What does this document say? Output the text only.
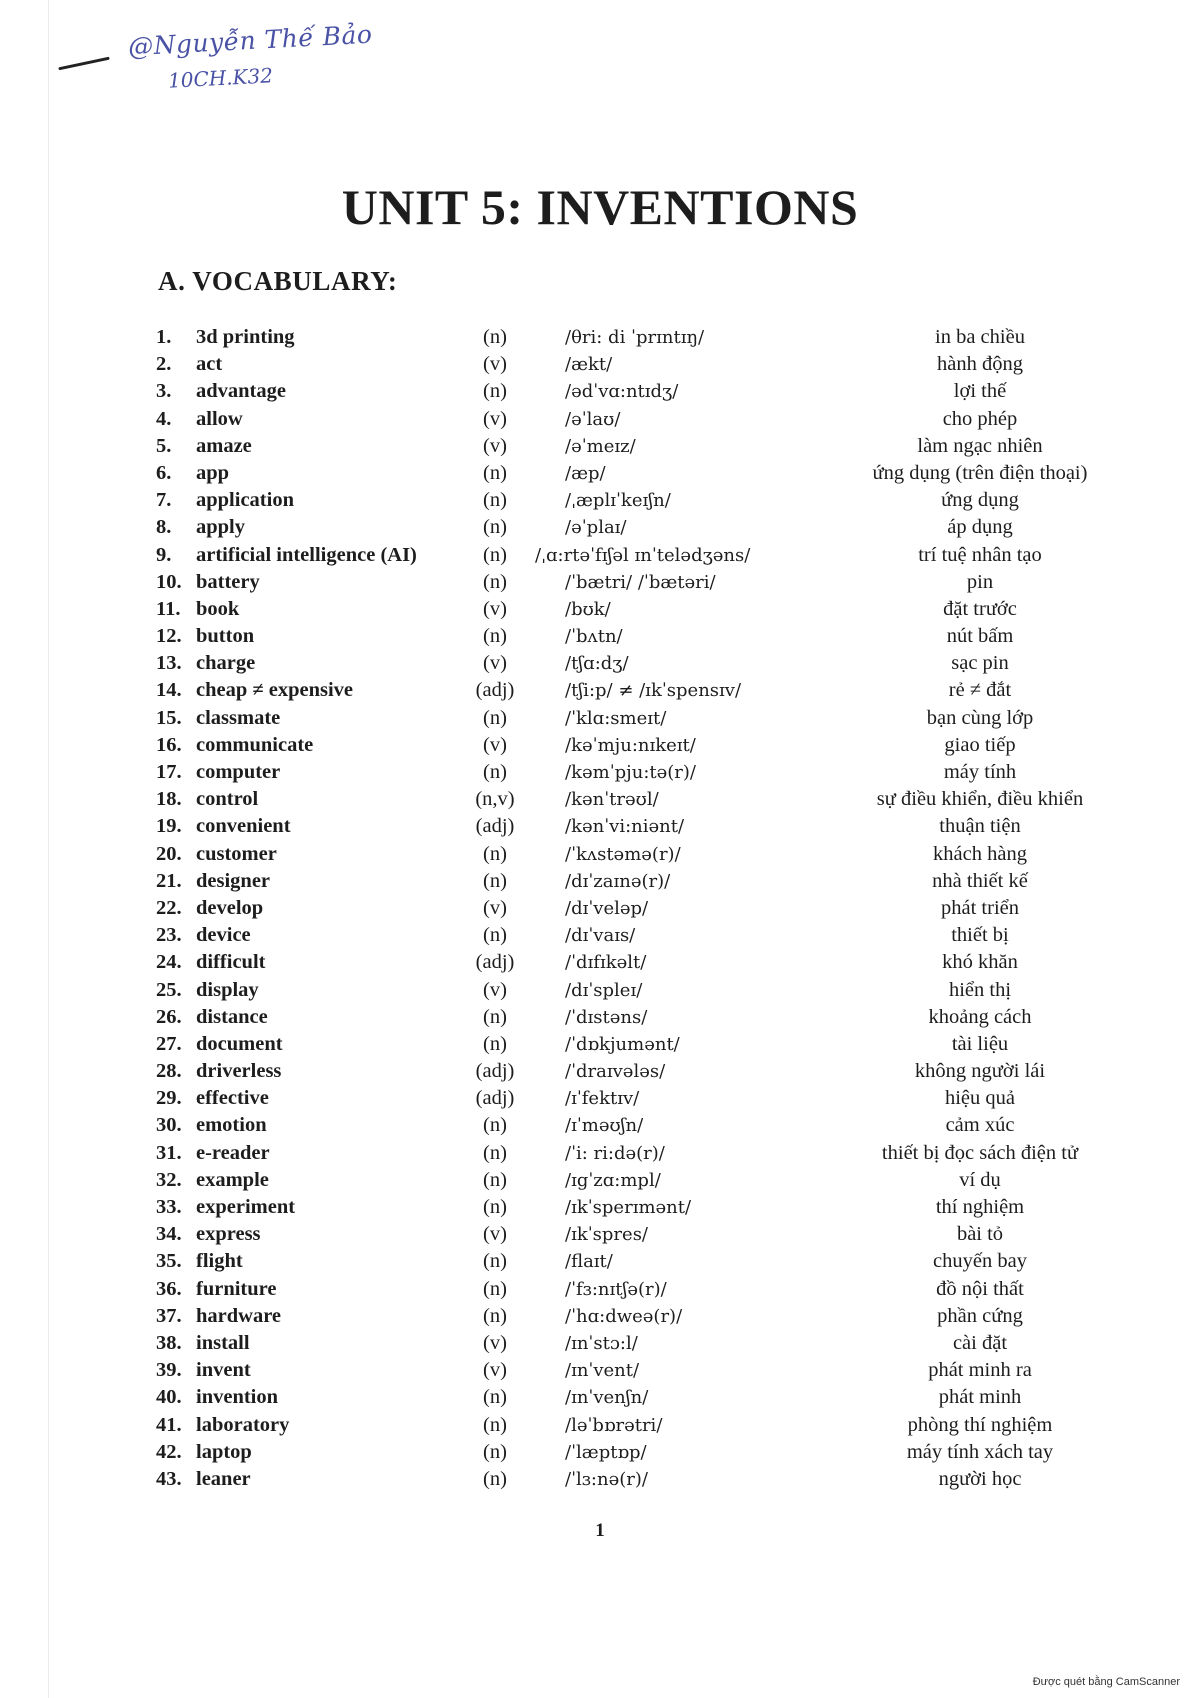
@Nguyễn Thế Bảo
10CH.K32
UNIT 5: INVENTIONS
A. VOCABULARY:
1.	3d printing	(n)	/θri: di ˈprɪntɪŋ/	in ba chiều
2.	act	(v)	/ækt/	hành động
3.	advantage	(n)	/ədˈvɑ:ntɪdʒ/	lợi thế
4.	allow	(v)	/əˈlaʊ/	cho phép
5.	amaze	(v)	/əˈmeɪz/	làm ngạc nhiên
6.	app	(n)	/æp/	ứng dụng (trên điện thoại)
7.	application	(n)	/ˌæplɪˈkeɪʃn/	ứng dụng
8.	apply	(n)	/əˈplaɪ/	áp dụng
9.	artificial intelligence (AI)	(n)	/ˌɑ:rtəˈfɪʃəl ɪnˈtelədʒəns/	trí tuệ nhân tạo
10. battery	(n)	/ˈbætri/ /ˈbætəri/	pin
11. book	(v)	/bʊk/	đặt trước
12. button	(n)	/ˈbʌtn/	nút bấm
13. charge	(v)	/tʃɑ:dʒ/	sạc pin
14. cheap ≠ expensive	(adj)	/tʃi:p/ ≠ /ɪkˈspensɪv/	rẻ ≠ đắt
15. classmate	(n)	/ˈklɑ:smeɪt/	bạn cùng lớp
16. communicate	(v)	/kəˈmju:nɪkeɪt/	giao tiếp
17. computer	(n)	/kəmˈpju:tə(r)/	máy tính
18. control	(n,v)	/kənˈtrəʊl/	sự điều khiển, điều khiển
19. convenient	(adj)	/kənˈvi:niənt/	thuận tiện
20. customer	(n)	/ˈkʌstəmə(r)/	khách hàng
21. designer	(n)	/dɪˈzaɪnə(r)/	nhà thiết kế
22. develop	(v)	/dɪˈveləp/	phát triển
23. device	(n)	/dɪˈvaɪs/	thiết bị
24. difficult	(adj)	/ˈdɪfɪkəlt/	khó khăn
25. display	(v)	/dɪˈspleɪ/	hiển thị
26. distance	(n)	/ˈdɪstəns/	khoảng cách
27. document	(n)	/ˈdɒkjumənt/	tài liệu
28. driverless	(adj)	/ˈdraɪvələs/	không người lái
29. effective	(adj)	/ɪˈfektɪv/	hiệu quả
30. emotion	(n)	/ɪˈməʊʃn/	cảm xúc
31. e-reader	(n)	/ˈi: ri:də(r)/	thiết bị đọc sách điện tử
32. example	(n)	/ɪgˈzɑ:mpl/	ví dụ
33. experiment	(n)	/ɪkˈsperɪmənt/	thí nghiệm
34. express	(v)	/ɪkˈspres/	bài tỏ
35. flight	(n)	/flaɪt/	chuyến bay
36. furniture	(n)	/ˈfɜ:nɪtʃə(r)/	đồ nội thất
37. hardware	(n)	/ˈhɑ:dweə(r)/	phần cứng
38. install	(v)	/ɪnˈstɔ:l/	cài đặt
39. invent	(v)	/ɪnˈvent/	phát minh ra
40. invention	(n)	/ɪnˈvenʃn/	phát minh
41. laboratory	(n)	/ləˈbɒrətri/	phòng thí nghiệm
42. laptop	(n)	/ˈlæptɒp/	máy tính xách tay
43. leaner	(n)	/ˈlɜ:nə(r)/	người học
1
Được quét bằng CamScanner
